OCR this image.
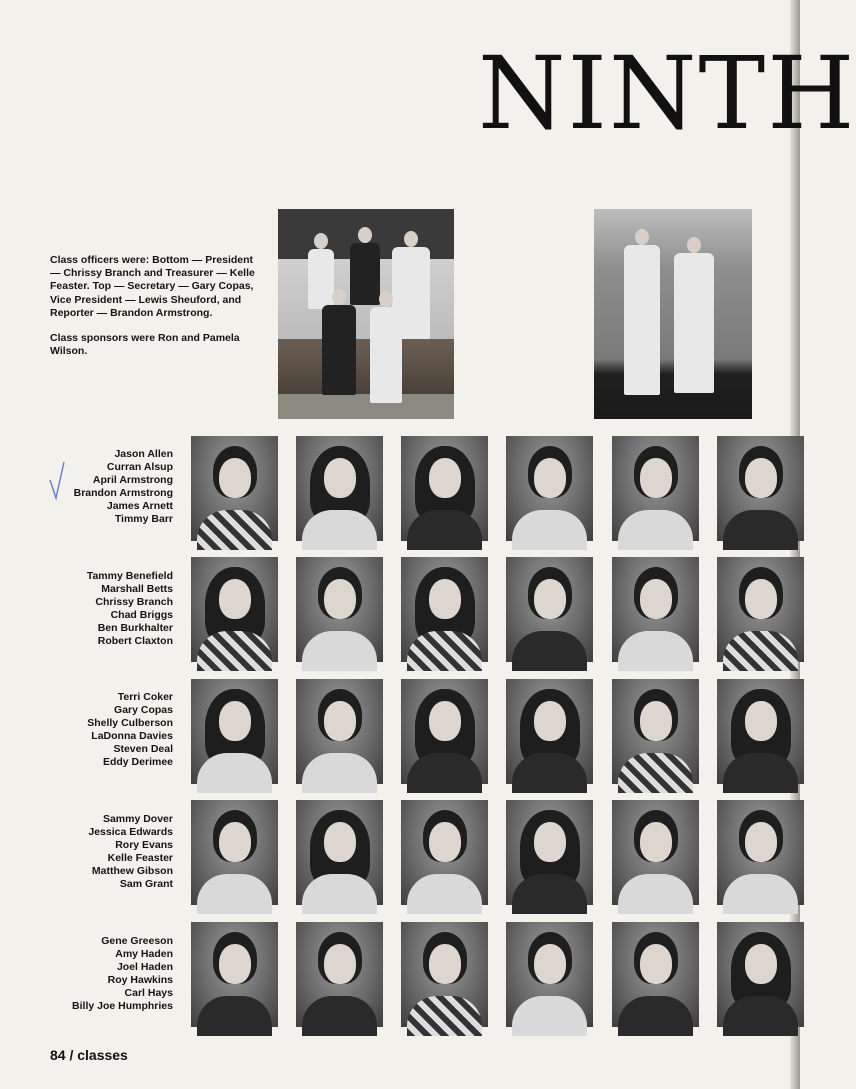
NINTH

Class officers were: Bottom — President — Chrissy Branch and Treasurer — Kelle Feaster. Top — Secretary — Gary Copas, Vice President — Lewis Sheuford, and Reporter — Brandon Armstrong.

Class sponsors were Ron and Pamela Wilson.

Jason Allen
Curran Alsup
April Armstrong
Brandon Armstrong
James Arnett
Timmy Barr
Tammy Benefield
Marshall Betts
Chrissy Branch
Chad Briggs
Ben Burkhalter
Robert Claxton
Terri Coker
Gary Copas
Shelly Culberson
LaDonna Davies
Steven Deal
Eddy Derimee
Sammy Dover
Jessica Edwards
Rory Evans
Kelle Feaster
Matthew Gibson
Sam Grant
Gene Greeson
Amy Haden
Joel Haden
Roy Hawkins
Carl Hays
Billy Joe Humphries
84 / classes
